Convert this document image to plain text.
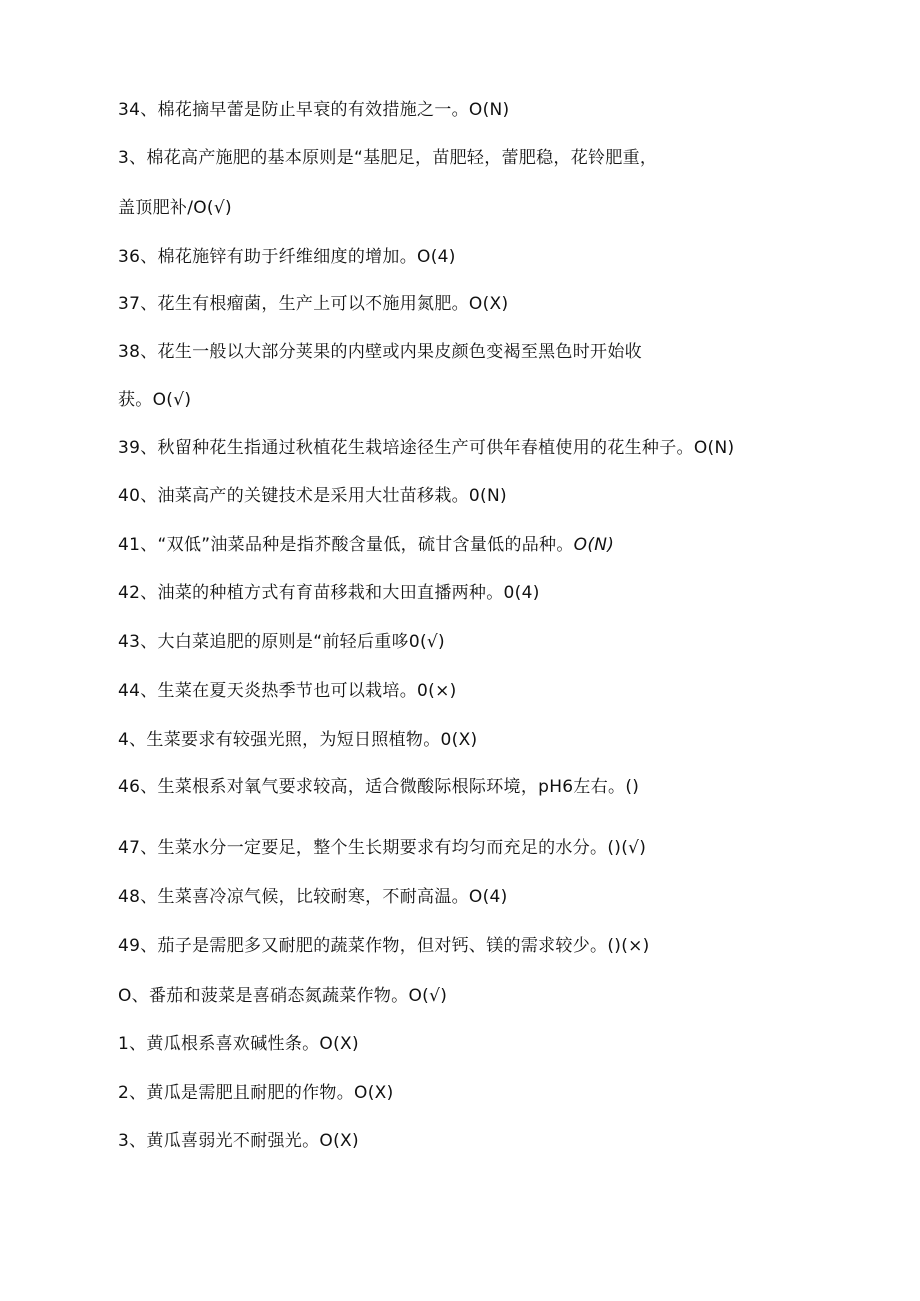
34、棉花摘早蕾是防止早衰的有效措施之一。O(N)
3、棉花高产施肥的基本原则是“基肥足，苗肥轻，蕾肥稳，花铃肥重，
盖顶肥补/O(√)
36、棉花施锌有助于纤维细度的增加。O(4)
37、花生有根瘤菌，生产上可以不施用氮肥。O(X)
38、花生一般以大部分荚果的内壁或内果皮颜色变褐至黑色时开始收
获。O(√)
39、秋留种花生指通过秋植花生栽培途径生产可供年春植使用的花生种子。O(N)
40、油菜高产的关键技术是采用大壮苗移栽。0(N)
41、“双低”油菜品种是指芥酸含量低，硫甘含量低的品种。O(N)
42、油菜的种植方式有育苗移栽和大田直播两种。0(4)
43、大白菜追肥的原则是“前轻后重哆0(√)
44、生菜在夏天炎热季节也可以栽培。0(×)
4、生菜要求有较强光照，为短日照植物。0(X)
46、生菜根系对氧气要求较高，适合微酸际根际环境，pH6左右。()
47、生菜水分一定要足，整个生长期要求有均匀而充足的水分。()(√)
48、生菜喜冷凉气候，比较耐寒，不耐高温。O(4)
49、茄子是需肥多又耐肥的蔬菜作物，但对钙、镁的需求较少。()(×)
O、番茄和菠菜是喜硝态氮蔬菜作物。O(√)
1、黄瓜根系喜欢碱性条。O(X)
2、黄瓜是需肥且耐肥的作物。O(X)
3、黄瓜喜弱光不耐强光。O(X)
